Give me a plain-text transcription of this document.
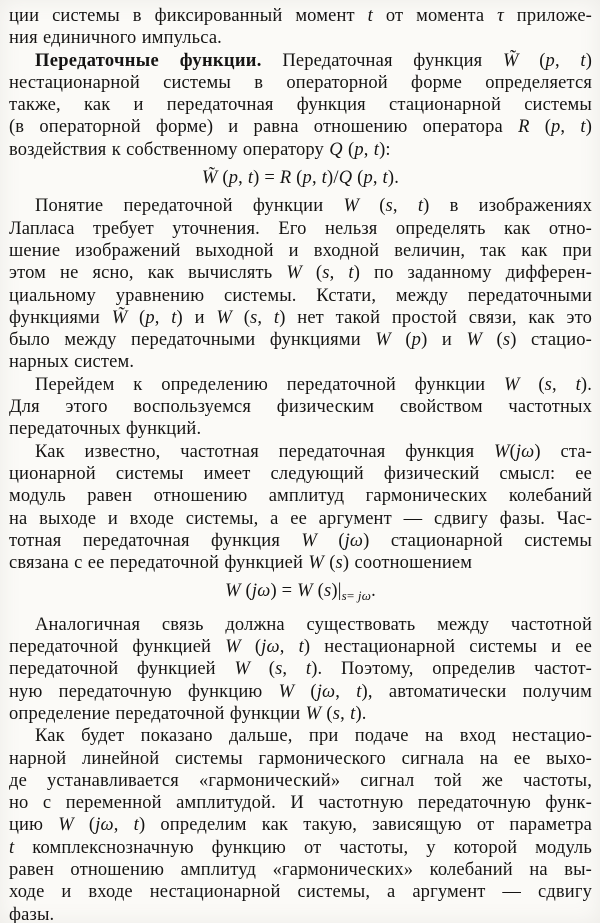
ции системы в фиксированный момент t от момента τ приложе-
ния единичного импульса.
Передаточные функции. Передаточная функция W̃ (p, t)
нестационарной системы в операторной форме определяется
также, как и передаточная функция стационарной системы
(в операторной форме) и равна отношению оператора R (p, t)
воздействия к собственному оператору Q (p, t):
W̃ (p, t) = R (p, t)/Q (p, t).
Понятие передаточной функции W (s, t) в изображениях
Лапласа требует уточнения. Его нельзя определять как отно-
шение изображений выходной и входной величин, так как при
этом не ясно, как вычислять W (s, t) по заданному дифферен-
циальному уравнению системы. Кстати, между передаточными
функциями W̃ (p, t) и W (s, t) нет такой простой связи, как это
было между передаточными функциями W (p) и W (s) стацио-
нарных систем.
Перейдем к определению передаточной функции W (s, t).
Для этого воспользуемся физическим свойством частотных
передаточных функций.
Как известно, частотная передаточная функция W(jω) ста-
ционарной системы имеет следующий физический смысл: ее
модуль равен отношению амплитуд гармонических колебаний
на выходе и входе системы, а ее аргумент — сдвигу фазы. Час-
тотная передаточная функция W (jω) стационарной системы
связана с ее передаточной функцией W (s) соотношением
W (jω) = W $(s)|_{s= j\omega}$.
Аналогичная связь должна существовать между частотной
передаточной функцией W (jω, t) нестационарной системы и ее
передаточной функцией W (s, t). Поэтому, определив частот-
ную передаточную функцию W (jω, t), автоматически получим
определение передаточной функции W (s, t).
Как будет показано дальше, при подаче на вход нестацио-
нарной линейной системы гармонического сигнала на ее выхо-
де устанавливается «гармонический» сигнал той же частоты,
но с переменной амплитудой. И частотную передаточную функ-
цию W (jω, t) определим как такую, зависящую от параметра
t комплекснозначную функцию от частоты, у которой модуль
равен отношению амплитуд «гармонических» колебаний на вы-
ходе и входе нестационарной системы, а аргумент — сдвигу
фазы.
